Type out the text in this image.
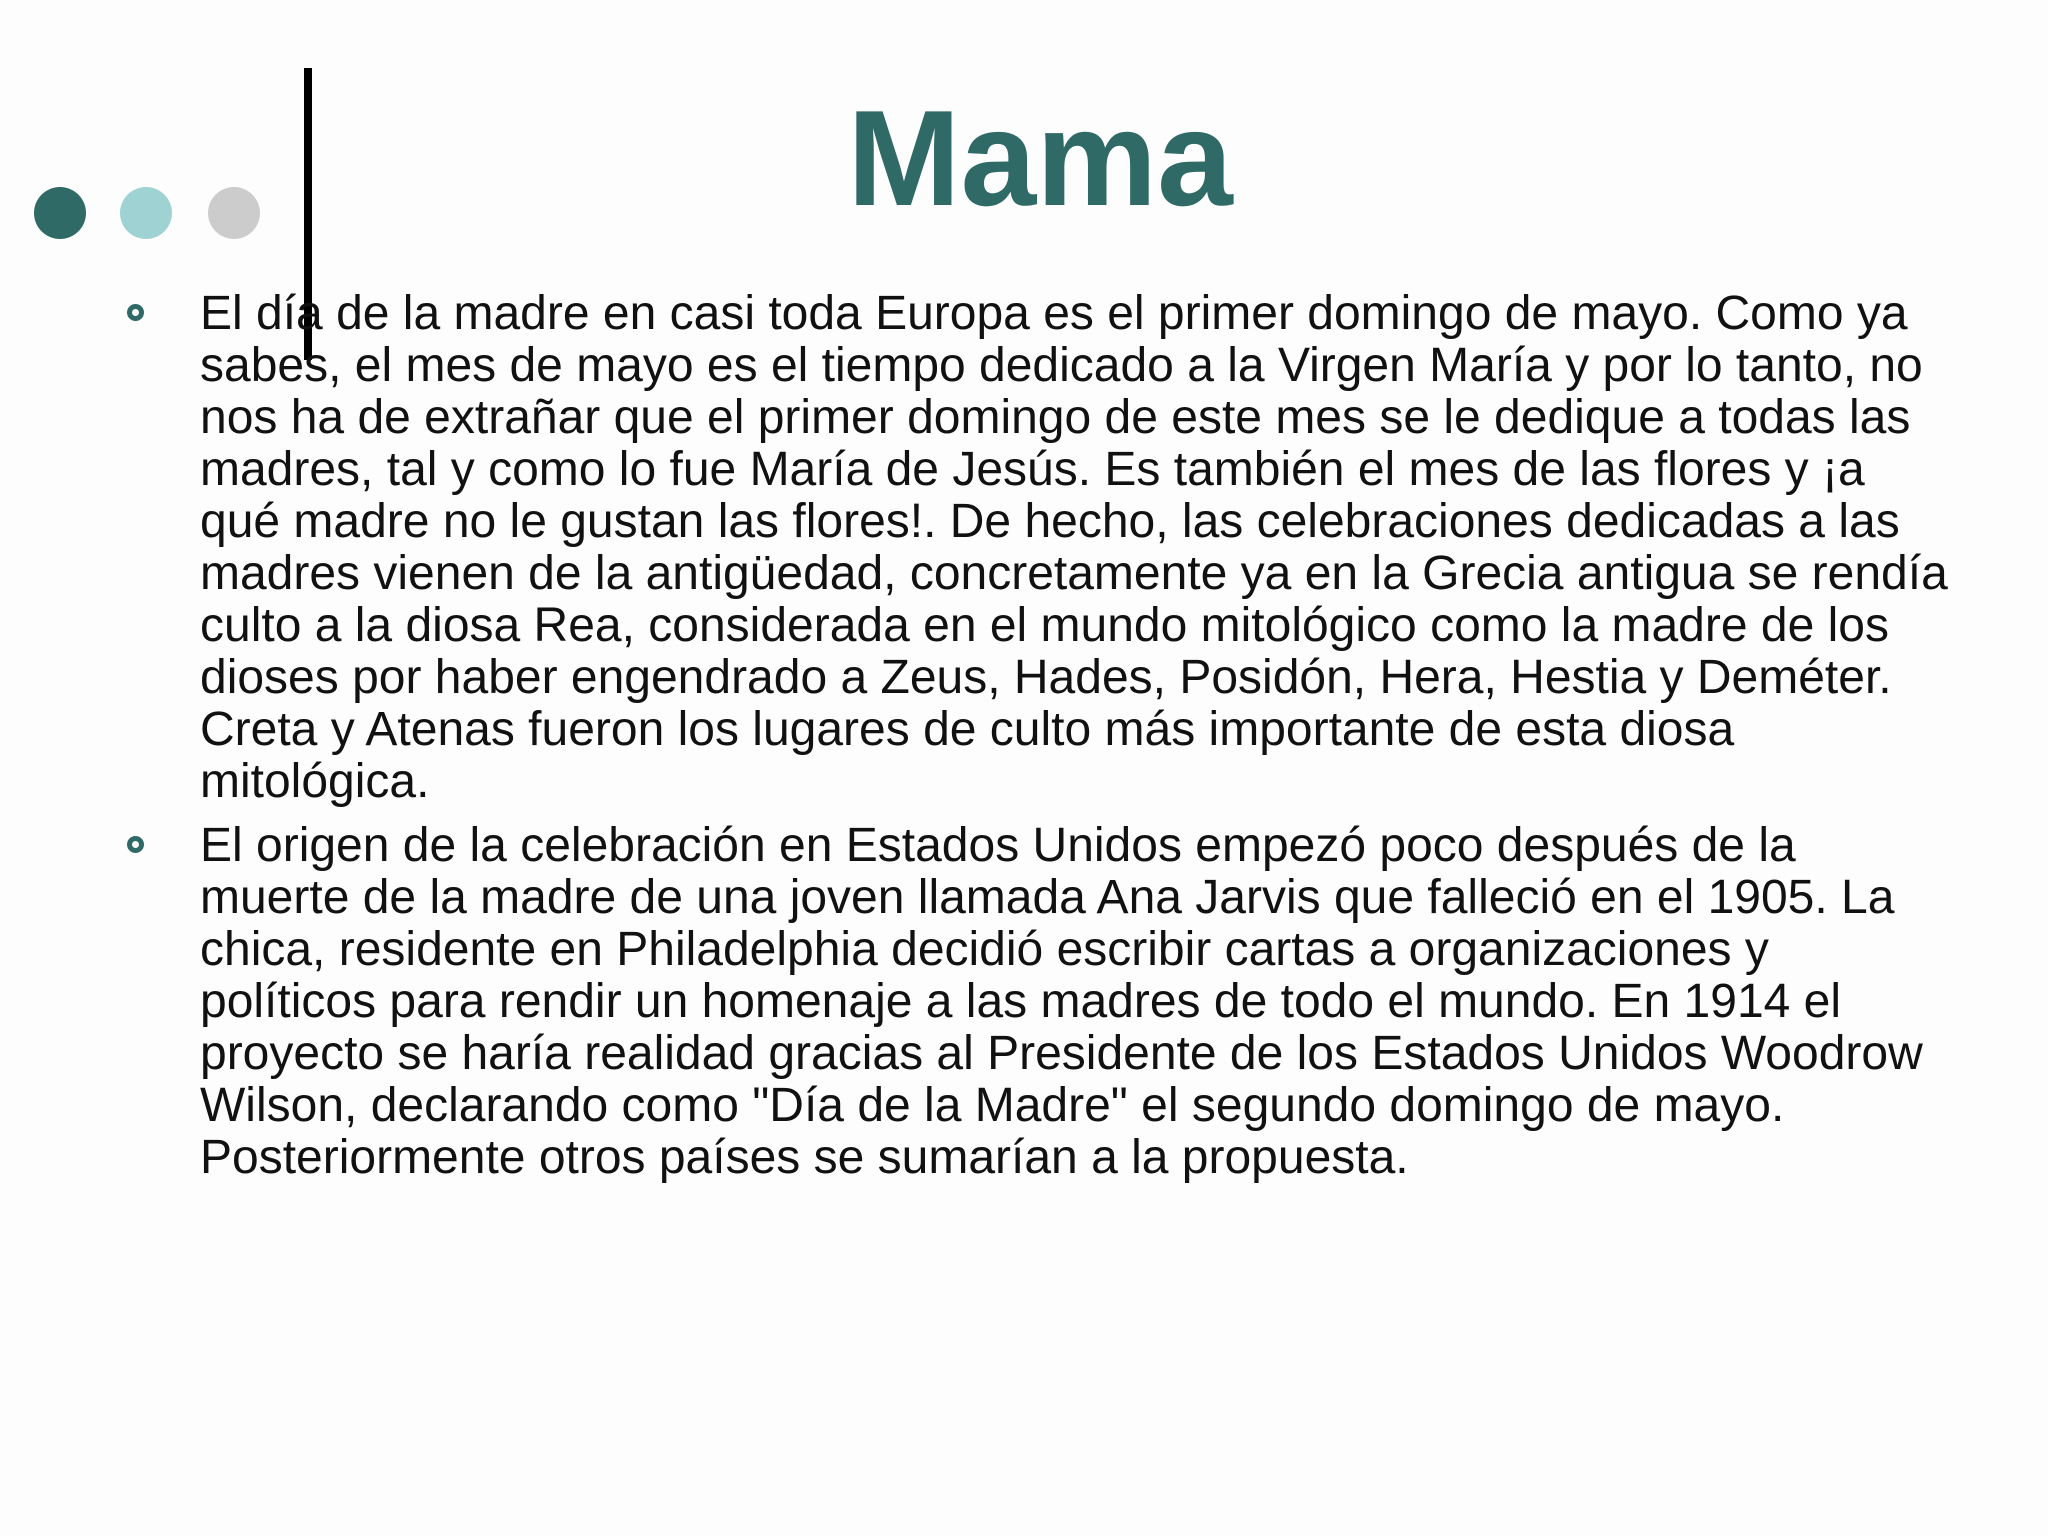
Mama
El día de la madre en casi toda Europa es el primer domingo de mayo. Como ya sabes, el mes de mayo es el tiempo dedicado a la Virgen María y por lo tanto, no nos ha de extrañar que el primer domingo de este mes se le dedique a todas las madres, tal y como lo fue María de Jesús. Es también el mes de las flores y ¡a qué madre no le gustan las flores!. De hecho, las celebraciones dedicadas a las madres vienen de la antigüedad, concretamente ya en la Grecia antigua se rendía culto a la diosa Rea, considerada en el mundo mitológico como la madre de los dioses por haber engendrado a Zeus, Hades, Posidón, Hera, Hestia y Deméter. Creta y Atenas fueron los lugares de culto más importante de esta diosa mitológica.
El origen de la celebración en Estados Unidos empezó poco después de la muerte de la madre de una joven llamada Ana Jarvis que falleció en el 1905. La chica, residente en Philadelphia decidió escribir cartas a organizaciones y políticos para rendir un homenaje a las madres de todo el mundo. En 1914 el proyecto se haría realidad gracias al Presidente de los Estados Unidos Woodrow Wilson, declarando como "Día de la Madre" el segundo domingo de mayo. Posteriormente otros países se sumarían a la propuesta.
